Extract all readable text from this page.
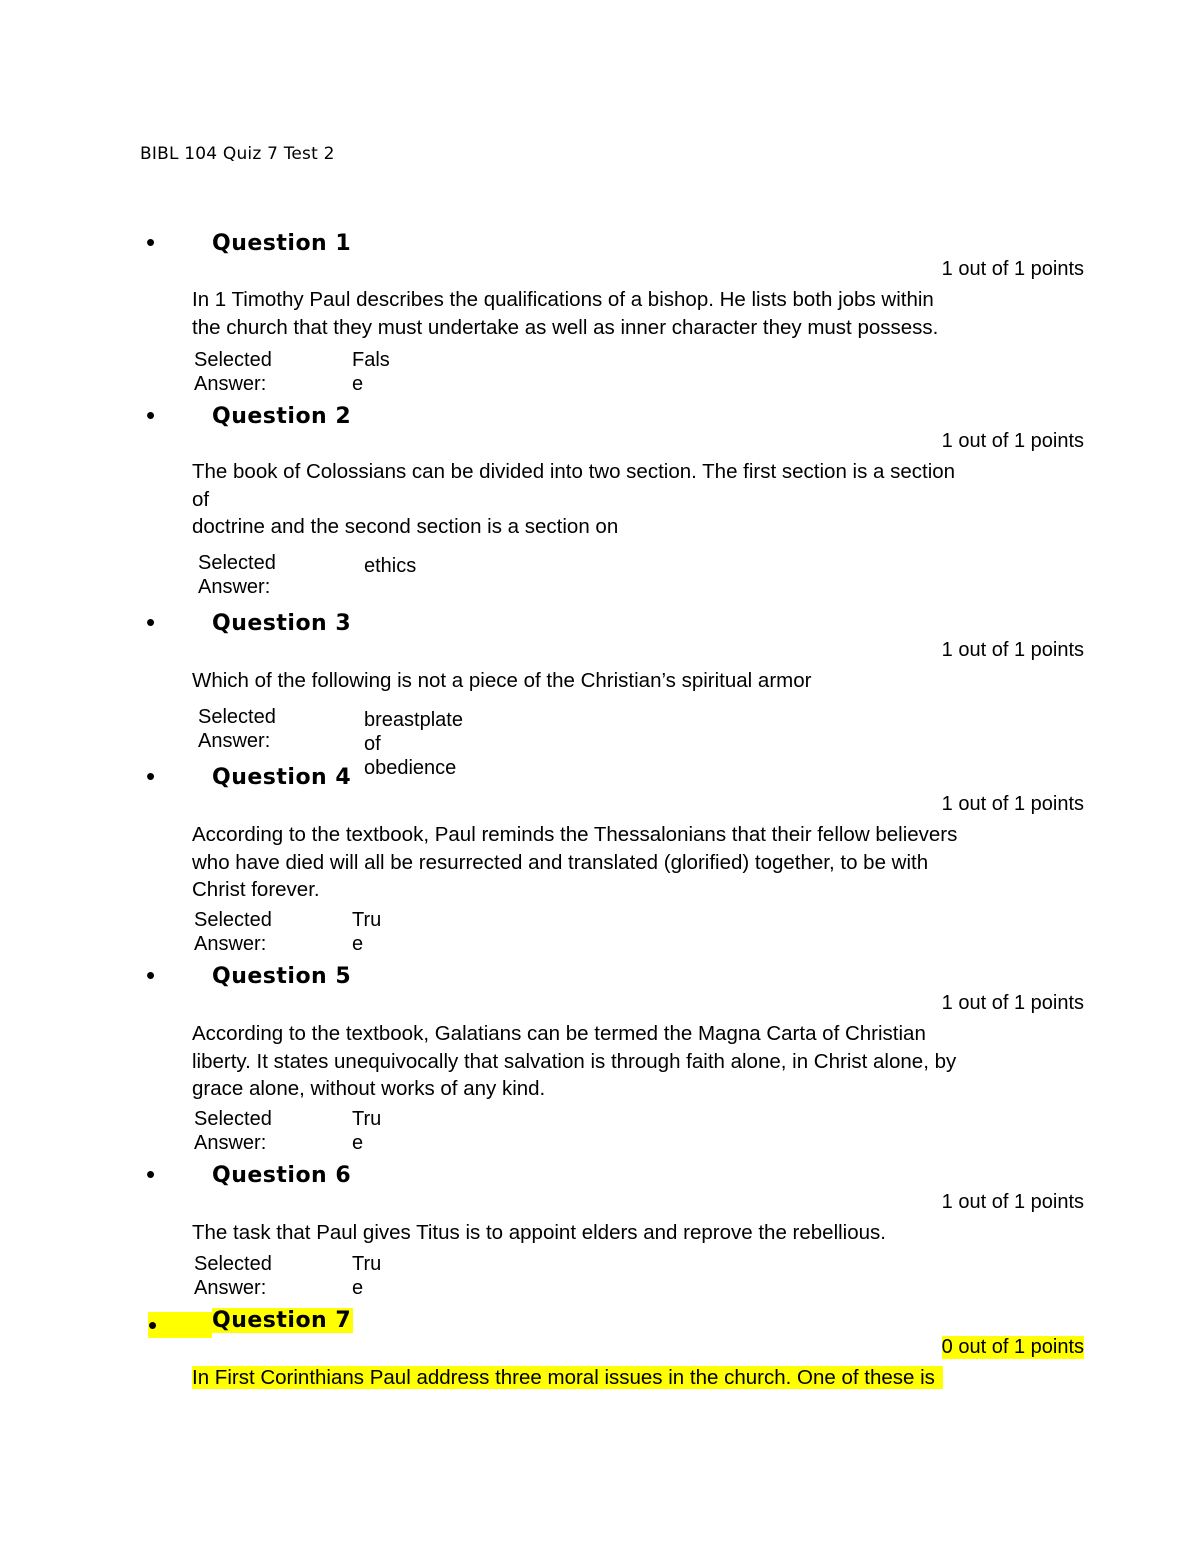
BIBL 104 Quiz 7 Test 2
•	Question 1
1 out of 1 points
In 1 Timothy Paul describes the qualifications of a bishop. He lists both jobs within
the church that they must undertake as well as inner character they must possess.
Selected
Answer:
Fals
e
•	Question 2
1 out of 1 points
The book of Colossians can be divided into two section. The first section is a section
of
doctrine and the second section is a section on
Selected
Answer:
ethics
•	Question 3
1 out of 1 points
Which of the following is not a piece of the Christian’s spiritual armor
Selected
Answer:
breastplate of obedience
•	Question 4
1 out of 1 points
According to the textbook, Paul reminds the Thessalonians that their fellow believers
who have died will all be resurrected and translated (glorified) together, to be with
Christ forever.
Selected
Answer:
Tru
e
•	Question 5
1 out of 1 points
According to the textbook, Galatians can be termed the Magna Carta of Christian
liberty. It states unequivocally that salvation is through faith alone, in Christ alone, by
grace alone, without works of any kind.
Selected
Answer:
Tru
e
•	Question 6
1 out of 1 points
The task that Paul gives Titus is to appoint elders and reprove the rebellious.
Selected
Answer:
Tru
e
•	Question 7
0 out of 1 points
In First Corinthians Paul address three moral issues in the church. One of these is
